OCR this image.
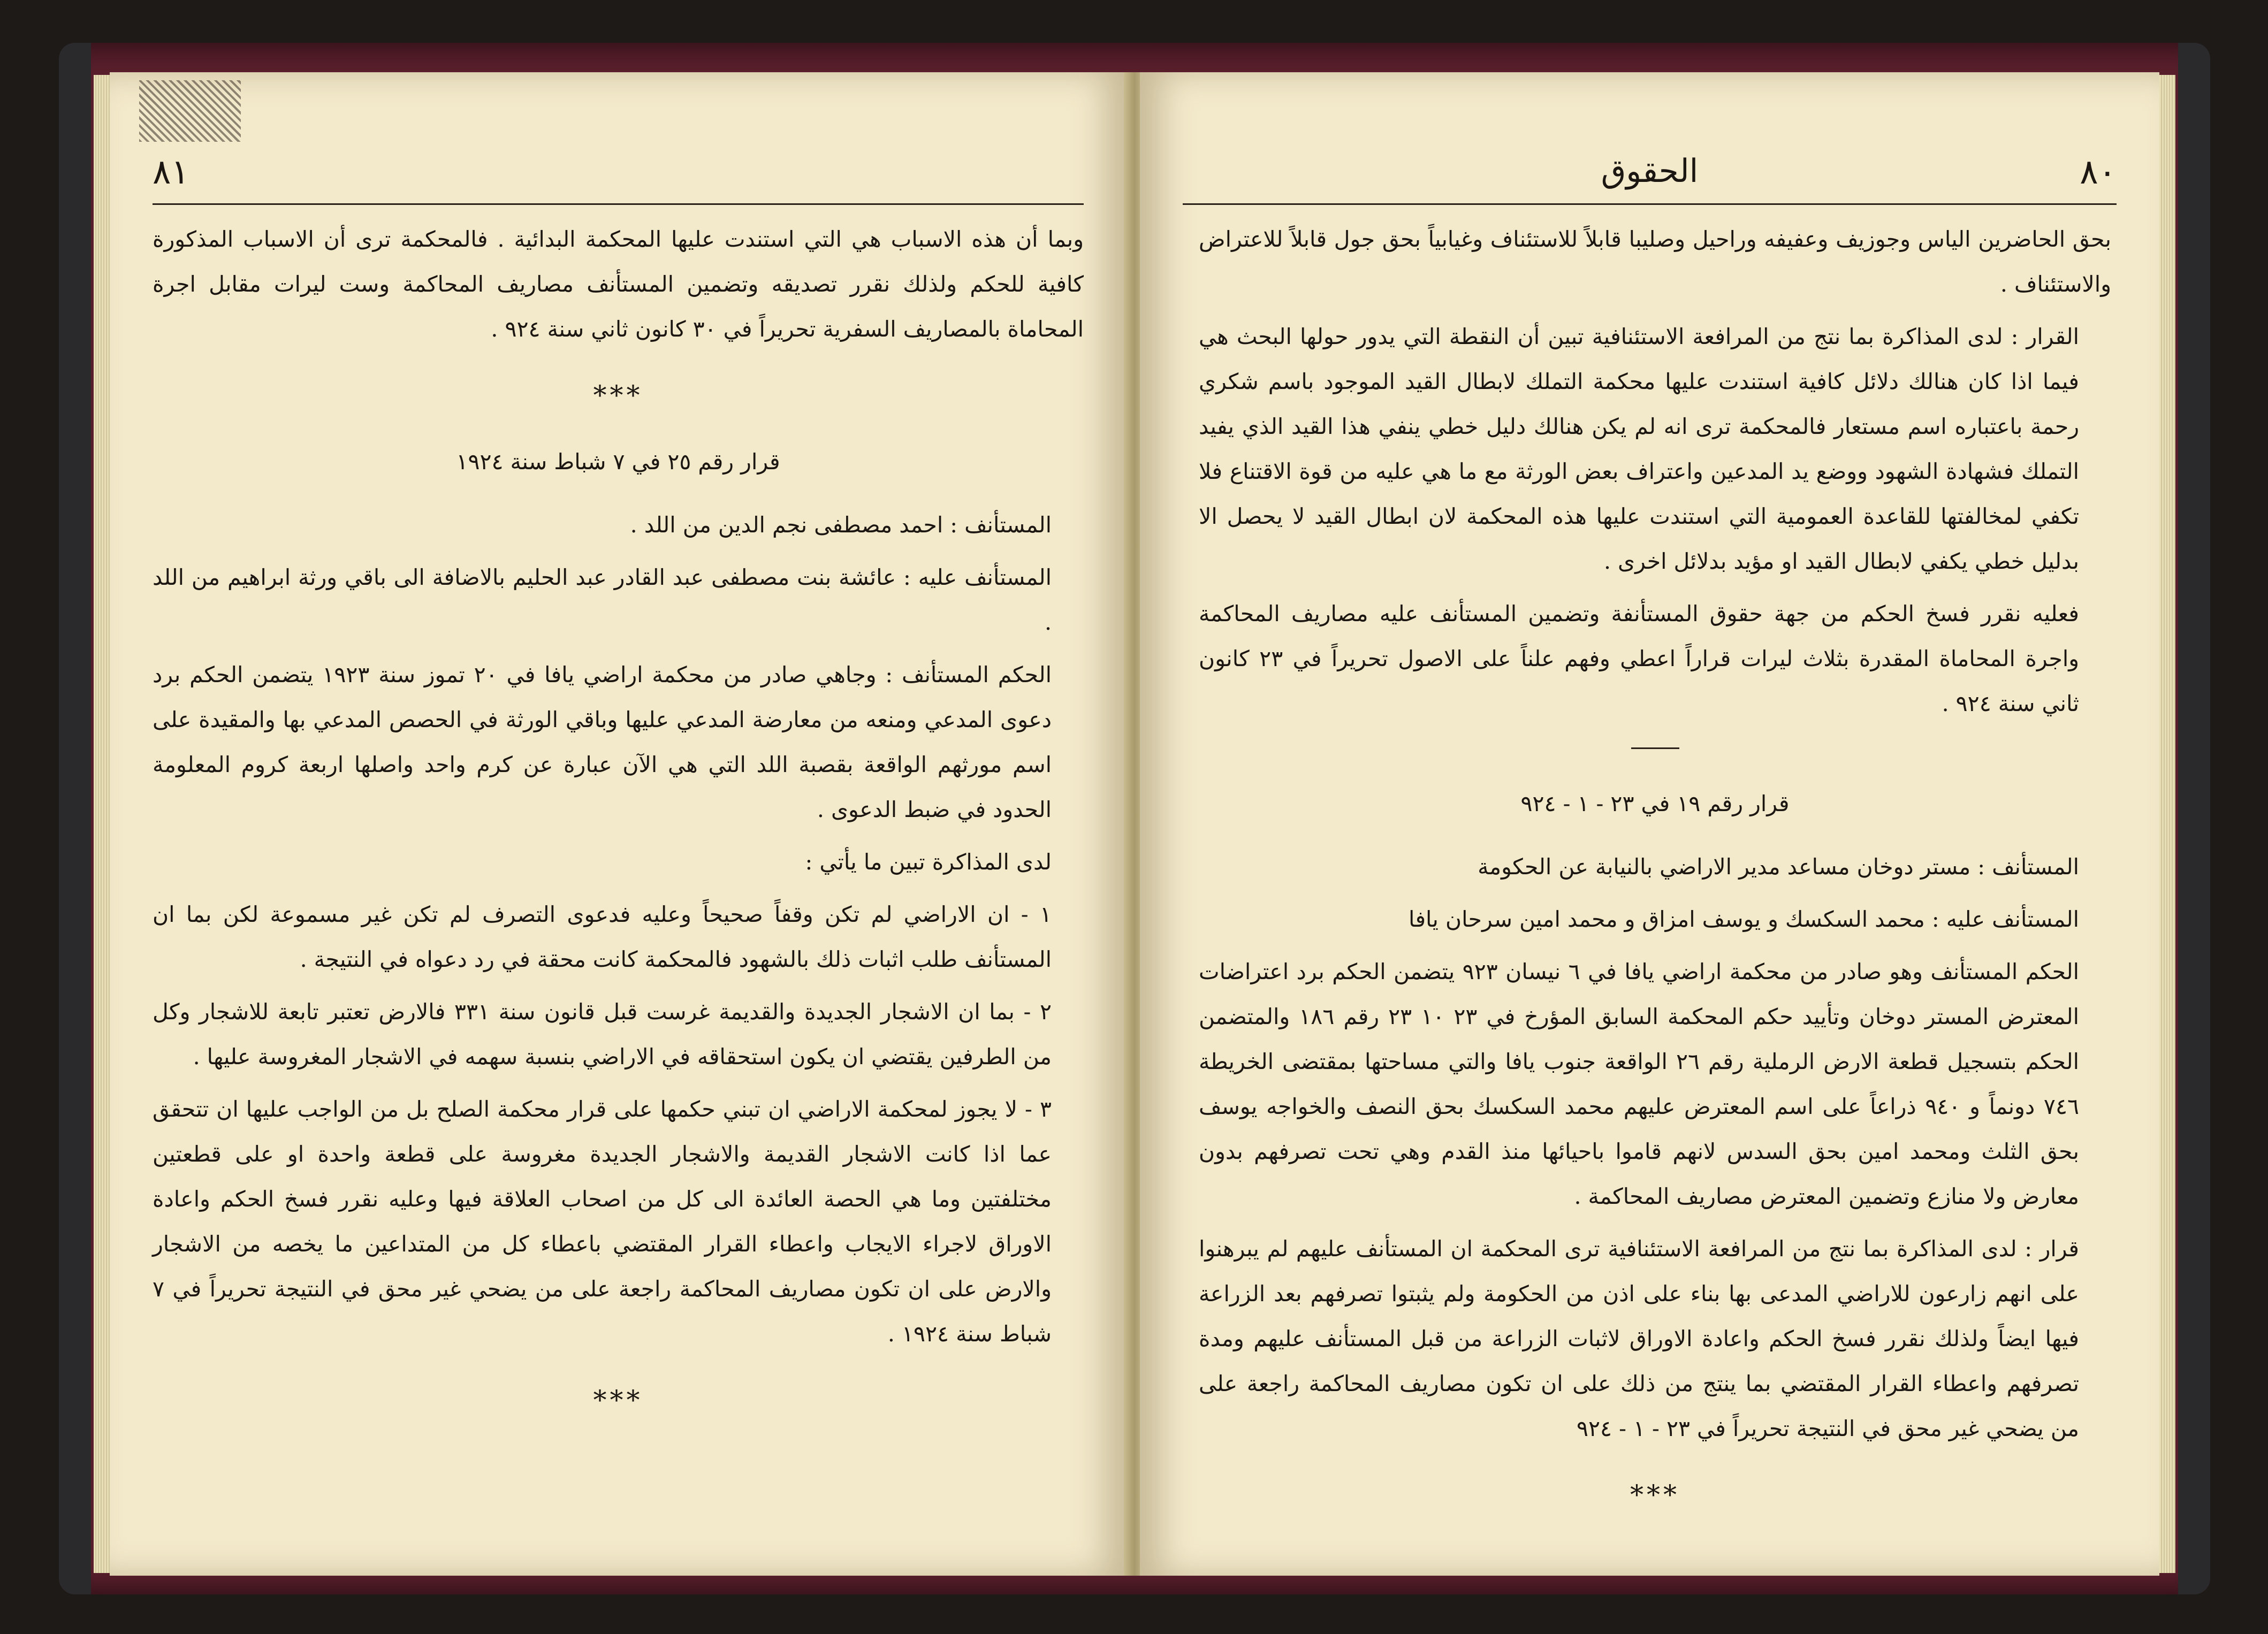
٨١

وبما أن هذه الاسباب هي التي استندت عليها المحكمة البدائية . فالمحكمة ترى أن الاسباب المذكورة كافية للحكم ولذلك نقرر تصديقه وتضمين المستأنف مصاريف المحاكمة وست ليرات مقابل اجرة المحاماة بالمصاريف السفرية تحريراً في ٣٠ كانون ثاني سنة ٩٢٤ .

***
قرار رقم ٢٥ في ٧ شباط سنة ١٩٢٤

المستأنف : احمد مصطفى نجم الدين من اللد .

المستأنف عليه : عائشة بنت مصطفى عبد القادر عبد الحليم بالاضافة الى باقي ورثة ابراهيم من اللد .

الحكم المستأنف : وجاهي صادر من محكمة اراضي يافا في ٢٠ تموز سنة ١٩٢٣ يتضمن الحكم برد دعوى المدعي ومنعه من معارضة المدعي عليها وباقي الورثة في الحصص المدعي بها والمقيدة على اسم مورثهم الواقعة بقصبة اللد التي هي الآن عبارة عن كرم واحد واصلها اربعة كروم المعلومة الحدود في ضبط الدعوى .

لدى المذاكرة تبين ما يأتي :

١ - ان الاراضي لم تكن وقفاً صحيحاً وعليه فدعوى التصرف لم تكن غير مسموعة لكن بما ان المستأنف طلب اثبات ذلك بالشهود فالمحكمة كانت محقة في رد دعواه في النتيجة .

٢ - بما ان الاشجار الجديدة والقديمة غرست قبل قانون سنة ٣٣١ فالارض تعتبر تابعة للاشجار وكل من الطرفين يقتضي ان يكون استحقاقه في الاراضي بنسبة سهمه في الاشجار المغروسة عليها .

٣ - لا يجوز لمحكمة الاراضي ان تبني حكمها على قرار محكمة الصلح بل من الواجب عليها ان تتحقق عما اذا كانت الاشجار القديمة والاشجار الجديدة مغروسة على قطعة واحدة او على قطعتين مختلفتين وما هي الحصة العائدة الى كل من اصحاب العلاقة فيها وعليه نقرر فسخ الحكم واعادة الاوراق لاجراء الايجاب واعطاء القرار المقتضي باعطاء كل من المتداعين ما يخصه من الاشجار والارض على ان تكون مصاريف المحاكمة راجعة على من يضحي غير محق في النتيجة تحريراً في ٧ شباط سنة ١٩٢٤ .

***
٨٠
الحقوق

بحق الحاضرين الياس وجوزيف وعفيفه وراحيل وصليبا قابلاً للاستئناف وغيابياً بحق جول قابلاً للاعتراض والاستئناف .

القرار : لدى المذاكرة بما نتج من المرافعة الاستئنافية تبين أن النقطة التي يدور حولها البحث هي فيما اذا كان هنالك دلائل كافية استندت عليها محكمة التملك لابطال القيد الموجود باسم شكري رحمة باعتباره اسم مستعار فالمحكمة ترى انه لم يكن هنالك دليل خطي ينفي هذا القيد الذي يفيد التملك فشهادة الشهود ووضع يد المدعين واعتراف بعض الورثة مع ما هي عليه من قوة الاقتناع فلا تكفي لمخالفتها للقاعدة العمومية التي استندت عليها هذه المحكمة لان ابطال القيد لا يحصل الا بدليل خطي يكفي لابطال القيد او مؤيد بدلائل اخرى .

فعليه نقرر فسخ الحكم من جهة حقوق المستأنفة وتضمين المستأنف عليه مصاريف المحاكمة واجرة المحاماة المقدرة بثلاث ليرات قراراً اعطي وفهم علناً على الاصول تحريراً في ٢٣ كانون ثاني سنة ٩٢٤ .

قرار رقم ١٩ في ٢٣ - ١ - ٩٢٤

المستأنف : مستر دوخان مساعد مدير الاراضي بالنيابة عن الحكومة

المستأنف عليه : محمد السكسك و يوسف امزاق و محمد امين سرحان يافا

الحكم المستأنف وهو صادر من محكمة اراضي يافا في ٦ نيسان ٩٢٣ يتضمن الحكم برد اعتراضات المعترض المستر دوخان وتأييد حكم المحكمة السابق المؤرخ في ٢٣ ١٠ ٢٣ رقم ١٨٦ والمتضمن الحكم بتسجيل قطعة الارض الرملية رقم ٢٦ الواقعة جنوب يافا والتي مساحتها بمقتضى الخريطة ٧٤٦ دونماً و ٩٤٠ ذراعاً على اسم المعترض عليهم محمد السكسك بحق النصف والخواجه يوسف بحق الثلث ومحمد امين بحق السدس لانهم قاموا باحيائها منذ القدم وهي تحت تصرفهم بدون معارض ولا منازع وتضمين المعترض مصاريف المحاكمة .

قرار : لدى المذاكرة بما نتج من المرافعة الاستئنافية ترى المحكمة ان المستأنف عليهم لم يبرهنوا على انهم زارعون للاراضي المدعى بها بناء على اذن من الحكومة ولم يثبتوا تصرفهم بعد الزراعة فيها ايضاً ولذلك نقرر فسخ الحكم واعادة الاوراق لاثبات الزراعة من قبل المستأنف عليهم ومدة تصرفهم واعطاء القرار المقتضي بما ينتج من ذلك على ان تكون مصاريف المحاكمة راجعة على من يضحي غير محق في النتيجة تحريراً في ٢٣ - ١ - ٩٢٤

***
